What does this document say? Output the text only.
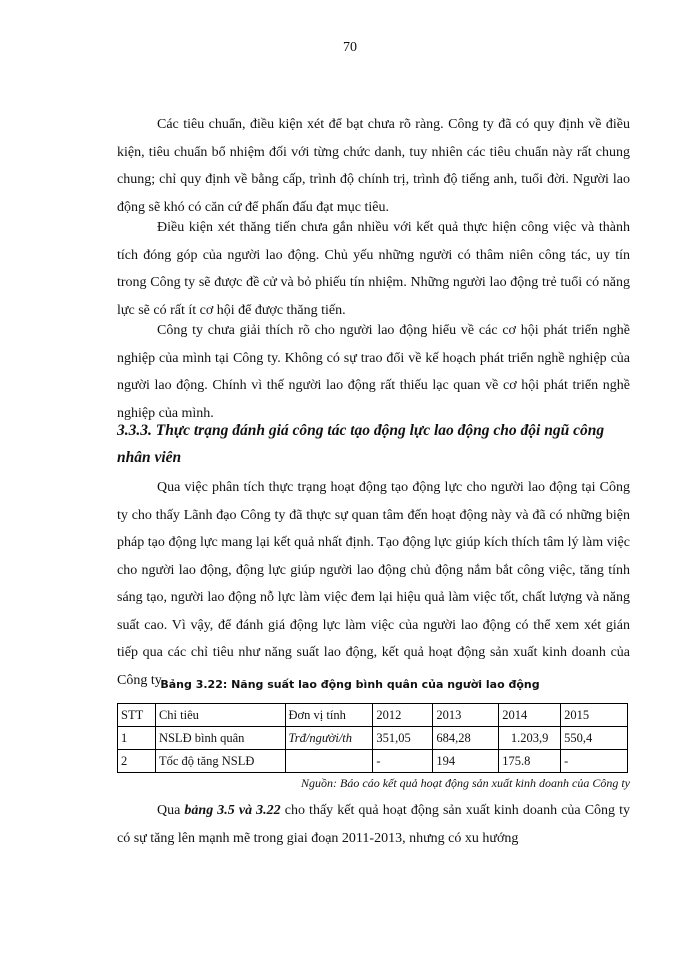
70

Các tiêu chuẩn, điều kiện xét để bạt chưa rõ ràng. Công ty đã có quy định về điều kiện, tiêu chuẩn bổ nhiệm đối với từng chức danh, tuy nhiên các tiêu chuẩn này rất chung chung; chỉ quy định về bằng cấp, trình độ chính trị, trình độ tiếng anh, tuổi đời. Người lao động sẽ khó có căn cứ để phấn đấu đạt mục tiêu.

Điều kiện xét thăng tiến chưa gắn nhiều với kết quả thực hiện công việc và thành tích đóng góp của người lao động. Chủ yếu những người có thâm niên công tác, uy tín trong Công ty sẽ được đề cử và bỏ phiếu tín nhiệm. Những người lao động trẻ tuổi có năng lực sẽ có rất ít cơ hội để được thăng tiến.

Công ty chưa giải thích rõ cho người lao động hiểu về các cơ hội phát triển nghề nghiệp của mình tại Công ty. Không có sự trao đổi về kế hoạch phát triển nghề nghiệp của người lao động. Chính vì thế người lao động rất thiếu lạc quan về cơ hội phát triển nghề nghiệp của mình.

3.3.3. Thực trạng đánh giá công tác tạo động lực lao động cho đội ngũ công nhân viên

Qua việc phân tích thực trạng hoạt động tạo động lực cho người lao động tại Công ty cho thấy Lãnh đạo Công ty đã thực sự quan tâm đến hoạt động này và đã có những biện pháp tạo động lực mang lại kết quả nhất định. Tạo động lực giúp kích thích tâm lý làm việc cho người lao động, động lực giúp người lao động chủ động nắm bắt công việc, tăng tính sáng tạo, người lao động nỗ lực làm việc đem lại hiệu quả làm việc tốt, chất lượng và năng suất cao. Vì vậy, để đánh giá động lực làm việc của người lao động có thể xem xét gián tiếp qua các chỉ tiêu như năng suất lao động, kết quả hoạt động sản xuất kinh doanh của Công ty.

Bảng 3.22: Năng suất lao động bình quân của người lao động
STT	Chỉ tiêu	Đơn vị tính	2012	2013	2014	2015
1	NSLĐ bình quân	Trđ/người/th	351,05	684,28	1.203,9	550,4
2	Tốc độ tăng NSLĐ		-	194	175.8	-
Nguồn: Báo cáo kết quả hoạt động sản xuất kinh doanh của Công ty

Qua bảng 3.5 và 3.22 cho thấy kết quả hoạt động sản xuất kinh doanh của Công ty có sự tăng lên mạnh mẽ trong giai đoạn 2011-2013, nhưng có xu hướng
